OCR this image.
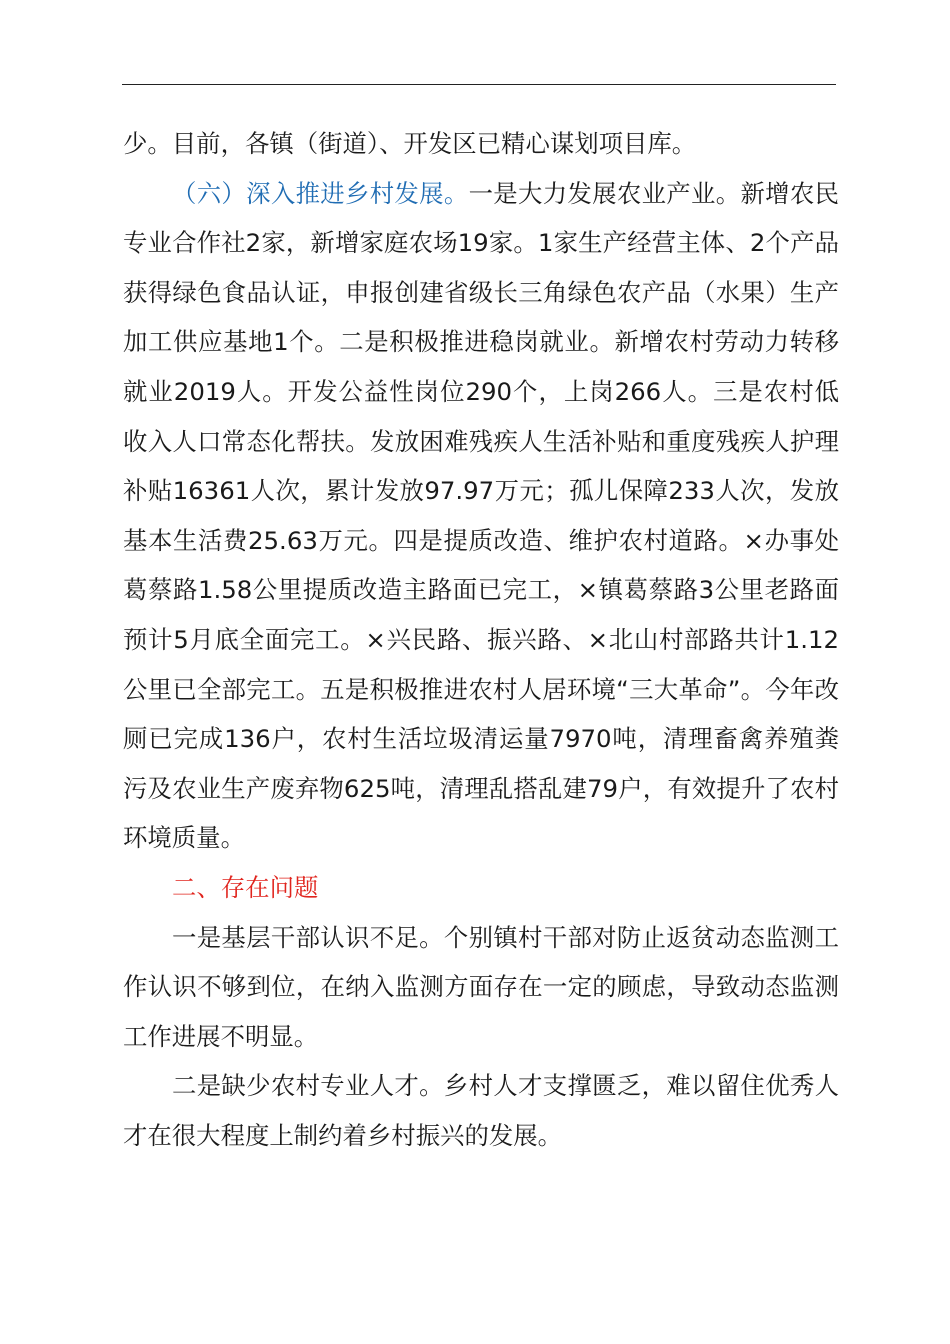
少。目前，各镇（街道）、开发区已精心谋划项目库。

（六）深入推进乡村发展。一是大力发展农业产业。新增农民专业合作社2家，新增家庭农场19家。1家生产经营主体、2个产品获得绿色食品认证，申报创建省级长三角绿色农产品（水果）生产加工供应基地1个。二是积极推进稳岗就业。新增农村劳动力转移就业2019人。开发公益性岗位290个，上岗266人。三是农村低收入人口常态化帮扶。发放困难残疾人生活补贴和重度残疾人护理补贴16361人次，累计发放97.97万元；孤儿保障233人次，发放基本生活费25.63万元。四是提质改造、维护农村道路。×办事处葛蔡路1.58公里提质改造主路面已完工，×镇葛蔡路3公里老路面预计5月底全面完工。×兴民路、振兴路、×北山村部路共计1.12公里已全部完工。五是积极推进农村人居环境“三大革命”。今年改厕已完成136户，农村生活垃圾清运量7970吨，清理畜禽养殖粪污及农业生产废弃物625吨，清理乱搭乱建79户，有效提升了农村环境质量。

二、存在问题

一是基层干部认识不足。个别镇村干部对防止返贫动态监测工作认识不够到位，在纳入监测方面存在一定的顾虑，导致动态监测工作进展不明显。

二是缺少农村专业人才。乡村人才支撑匮乏，难以留住优秀人才在很大程度上制约着乡村振兴的发展。
